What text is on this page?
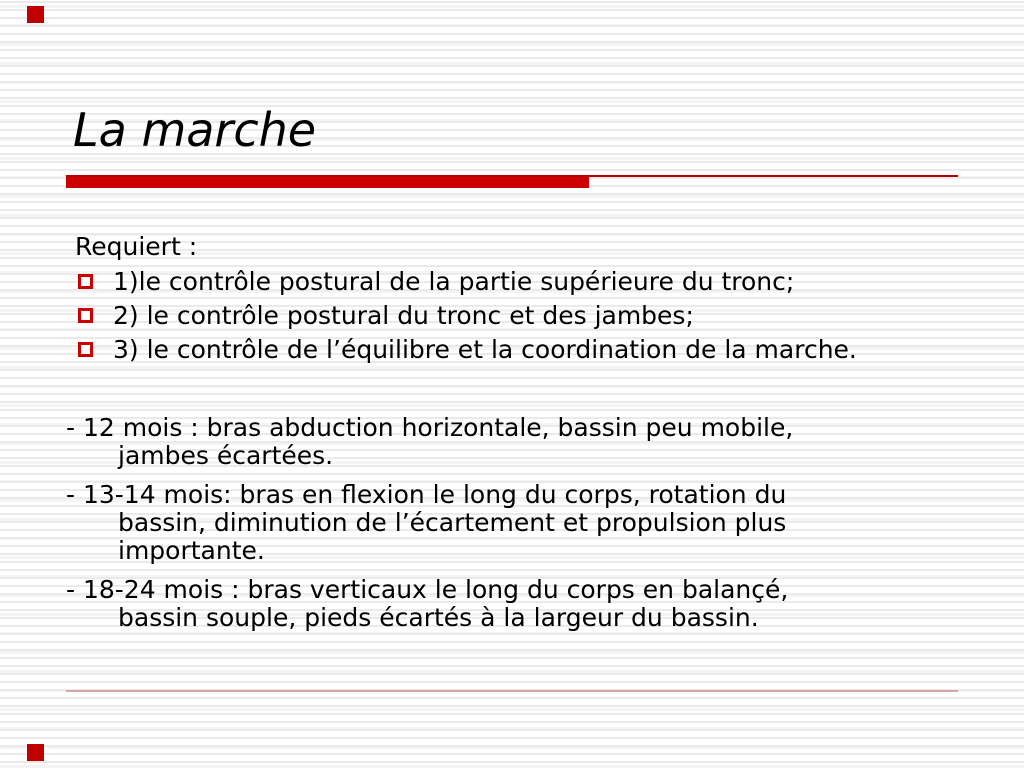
La marche
Requiert :
1)le contrôle postural de la partie supérieure du tronc;
2) le contrôle postural du tronc et des jambes;
3) le contrôle de l’équilibre et la coordination de la marche.
- 12 mois : bras abduction horizontale, bassin peu mobile,
jambes écartées.
- 13-14 mois: bras en flexion le long du corps, rotation du
bassin, diminution de l’écartement et propulsion plus
importante.
- 18-24 mois : bras verticaux le long du corps en balançé,
bassin souple, pieds écartés à la largeur du bassin.
